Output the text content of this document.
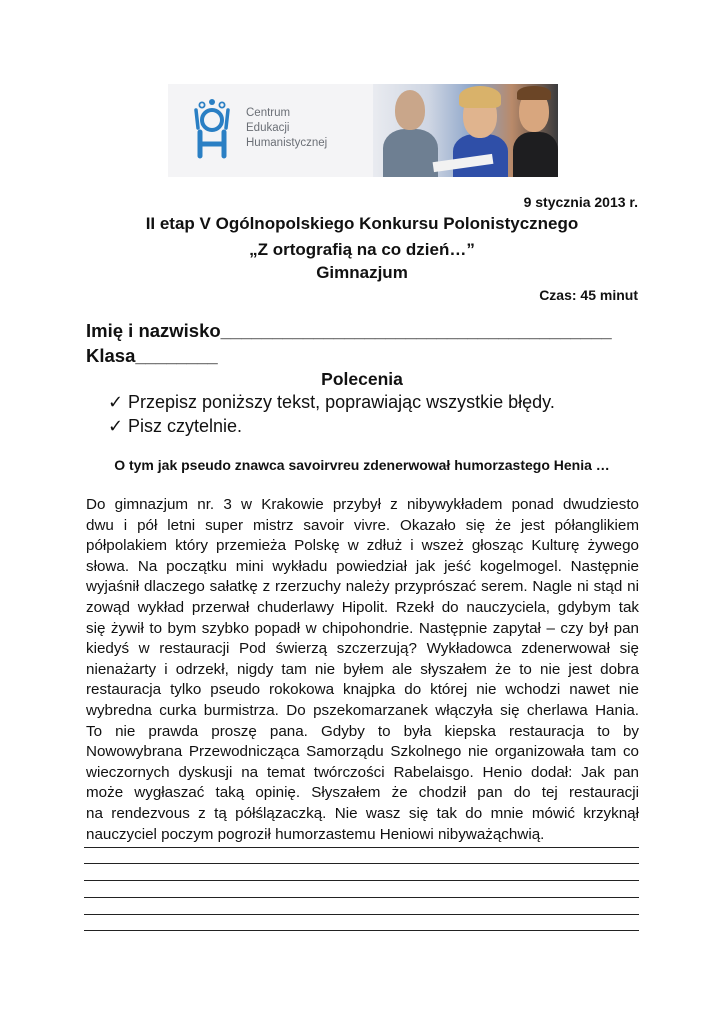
Centrum
Edukacji
Humanistycznej
9 stycznia 2013 r.
II etap V Ogólnopolskiego Konkursu Polonistycznego
„Z ortografią na co dzień…”
Gimnazjum
Czas: 45 minut
Imię i nazwisko______________________________________
Klasa________
Polecenia
✓ Przepisz poniższy tekst, poprawiając wszystkie błędy.
✓ Pisz czytelnie.
O tym jak pseudo znawca savoirvreu zdenerwował humorzastego Henia …
Do gimnazjum nr. 3 w Krakowie przybył z nibywykładem ponad dwudziesto
dwu i pół letni super mistrz savoir vivre. Okazało się że jest półanglikiem
półpolakiem który przemieża Polskę w zdłuż i wszeż głosząc Kulturę żywego
słowa. Na początku mini wykładu powiedział jak jeść kogelmogel. Następnie
wyjaśnił dlaczego sałatkę z rzerzuchy należy przyprószać serem. Nagle ni stąd ni
zowąd wykład przerwał chuderlawy Hipolit. Rzekł do nauczyciela, gdybym tak
się żywił to bym szybko popadł w chipohondrie. Następnie zapytał – czy był pan
kiedyś w restauracji Pod świerzą szczerzują? Wykładowca zdenerwował się
nienażarty i odrzekł, nigdy tam nie byłem ale słyszałem że to nie jest dobra
restauracja tylko pseudo rokokowa knajpka do której nie wchodzi nawet nie
wybredna curka burmistrza. Do pszekomarzanek włączyła się cherlawa Hania.
To nie prawda proszę pana. Gdyby to była kiepska restauracja to by
Nowowybrana Przewodnicząca Samorządu Szkolnego nie organizowała tam co
wieczornych dyskusji na temat twórczości Rabelaisgo. Henio dodał: Jak pan
może wygłaszać taką opinię. Słyszałem że chodził pan do tej restauracji
na rendezvous z tą półślązaczką. Nie wasz się tak do mnie mówić krzyknął
nauczyciel poczym pogroził humorzastemu Heniowi nibyważąchwią.
